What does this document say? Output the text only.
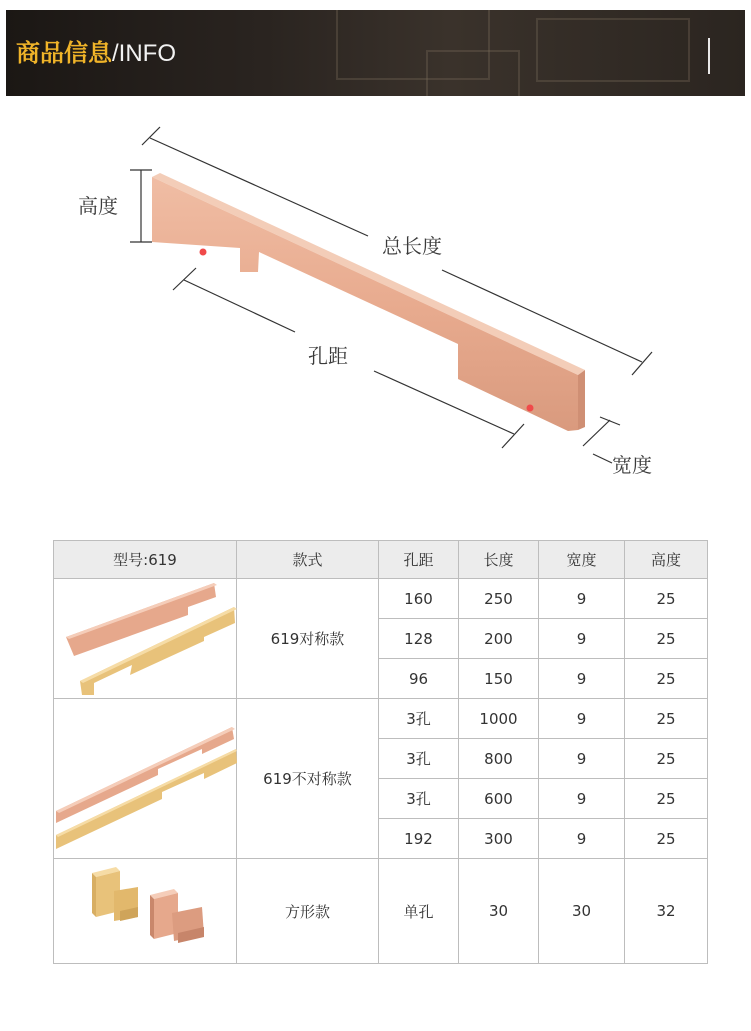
商品信息/INFO
高度
总长度
孔距
宽度
型号:619	款式	孔距	长度	宽度	高度

	619对称款	160	250	9	25
		128	200	9	25
		96	150	9	25

	619不对称款	3孔	1000	9	25
		3孔	800	9	25
		3孔	600	9	25
		192	300	9	25

	方形款	单孔	30	30	32
